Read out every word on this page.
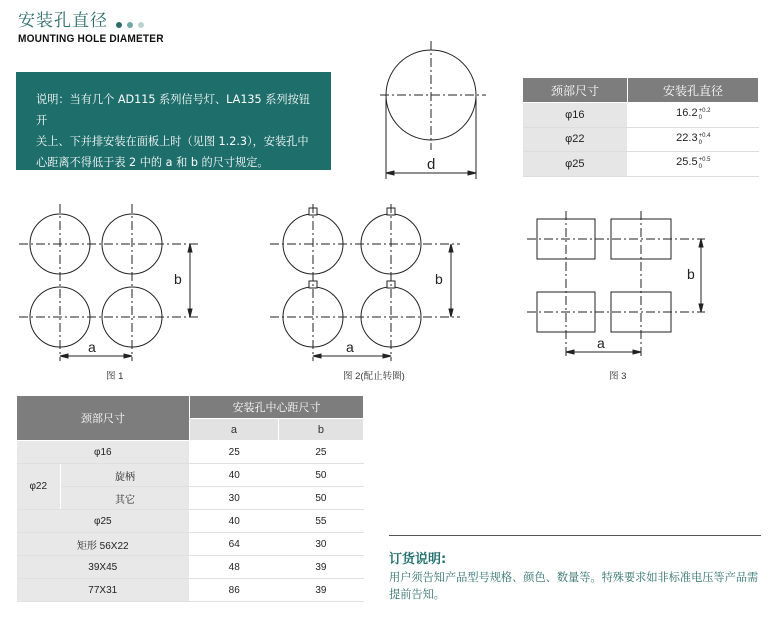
安装孔直径
MOUNTING HOLE DIAMETER
说明：当有几个 AD115 系列信号灯、LA135 系列按钮开
关上、下并排安装在面板上时（见图 1.2.3），安装孔中
心距离不得低于表 2 中的 a 和 b 的尺寸规定。	d
颈部尺寸	安装孔直径
φ16	16.2+0.2
0
φ22	22.3+0.4
0
φ25	25.5+0.5
0
b
a
图 1
b
a
图 2(配止转圈)
b
a
图 3
颈部尺寸		安装孔中心距尺寸	
		a	b
φ16		25	25
φ22	旋柄	40	50
	其它	30	50
φ25		40	55
矩形 56X22		64	30
39X45		48	39
77X31		86	39
订货说明:
用户须告知产品型号规格、颜色、数量等。特殊要求如非标准电压等产品需提前告知。
